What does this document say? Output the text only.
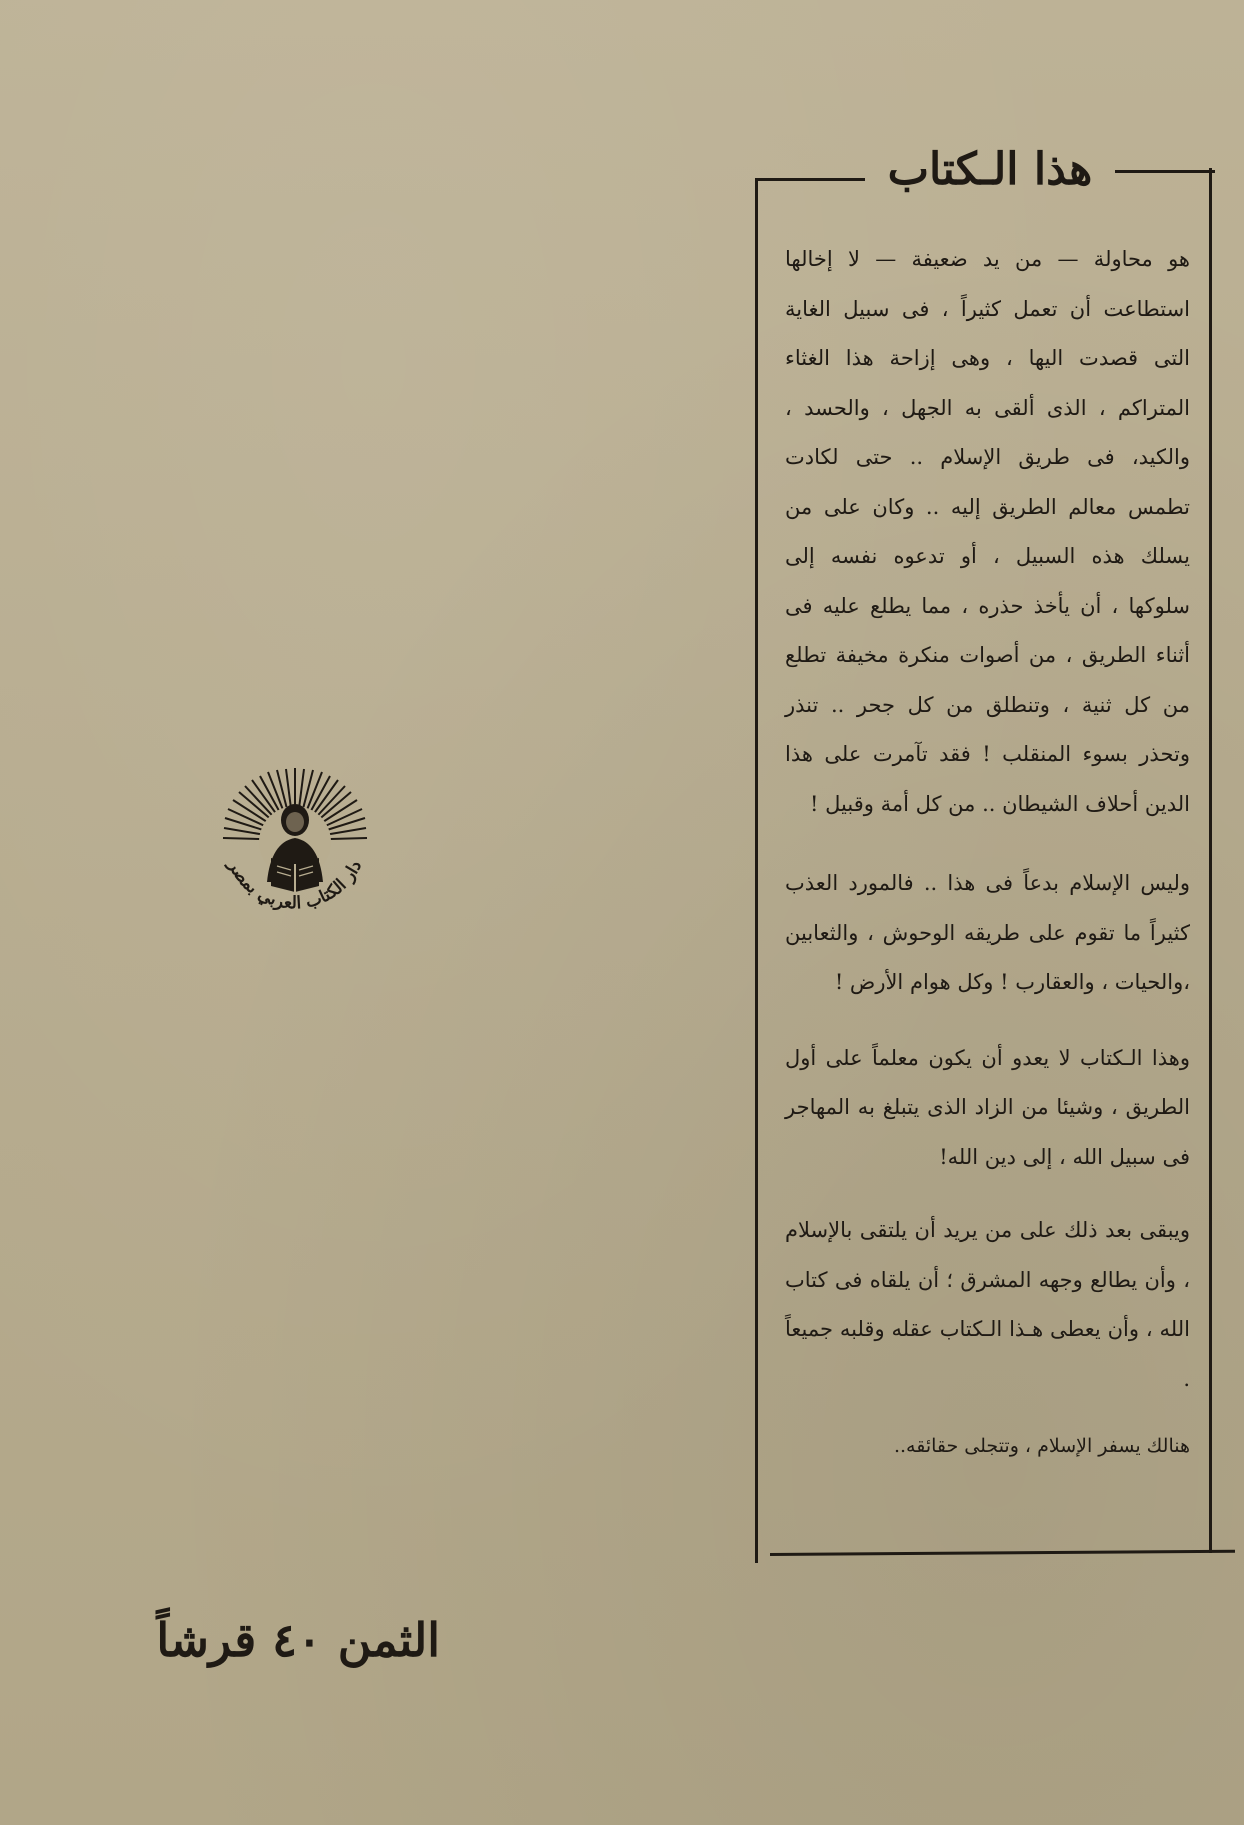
هذا الـكتاب

هو محاولة — من يد ضعيفة — لا إخالها استطاعت أن تعمل كثيراً ، فى سبيل الغاية التى قصدت اليها ، وهى إزاحة هذا الغثاء المتراكم ، الذى ألقى به الجهل ، والحسد ، والكيد، فى طريق الإسلام .. حتى لكادت تطمس معالم الطريق إليه .. وكان على من يسلك هذه السبيل ، أو تدعوه نفسه إلى سلوكها ، أن يأخذ حذره ، مما يطلع عليه فى أثناء الطريق ، من أصوات منكرة مخيفة تطلع من كل ثنية ، وتنطلق من كل جحر .. تنذر وتحذر بسوء المنقلب ! فقد تآمرت على هذا الدين أحلاف الشيطان .. من كل أمة وقبيل !

وليس الإسلام بدعاً فى هذا .. فالمورد العذب كثيراً ما تقوم على طريقه الوحوش ، والثعابين ،والحيات ، والعقارب ! وكل هوام الأرض !

وهذا الـكتاب لا يعدو أن يكون معلماً على أول الطريق ، وشيئا من الزاد الذى يتبلغ به المهاجر فى سبيل الله ، إلى دين الله!

ويبقى بعد ذلك على من يريد أن يلتقى بالإسلام ، وأن يطالع وجهه المشرق ؛ أن يلقاه فى كتاب الله ، وأن يعطى هـذا الـكتاب عقله وقلبه جميعاً .

هنالك يسفر الإسلام ، وتتجلى حقائقه..

دار الكتاب العربي بمصر
الثمن ٤٠ قرشاً
